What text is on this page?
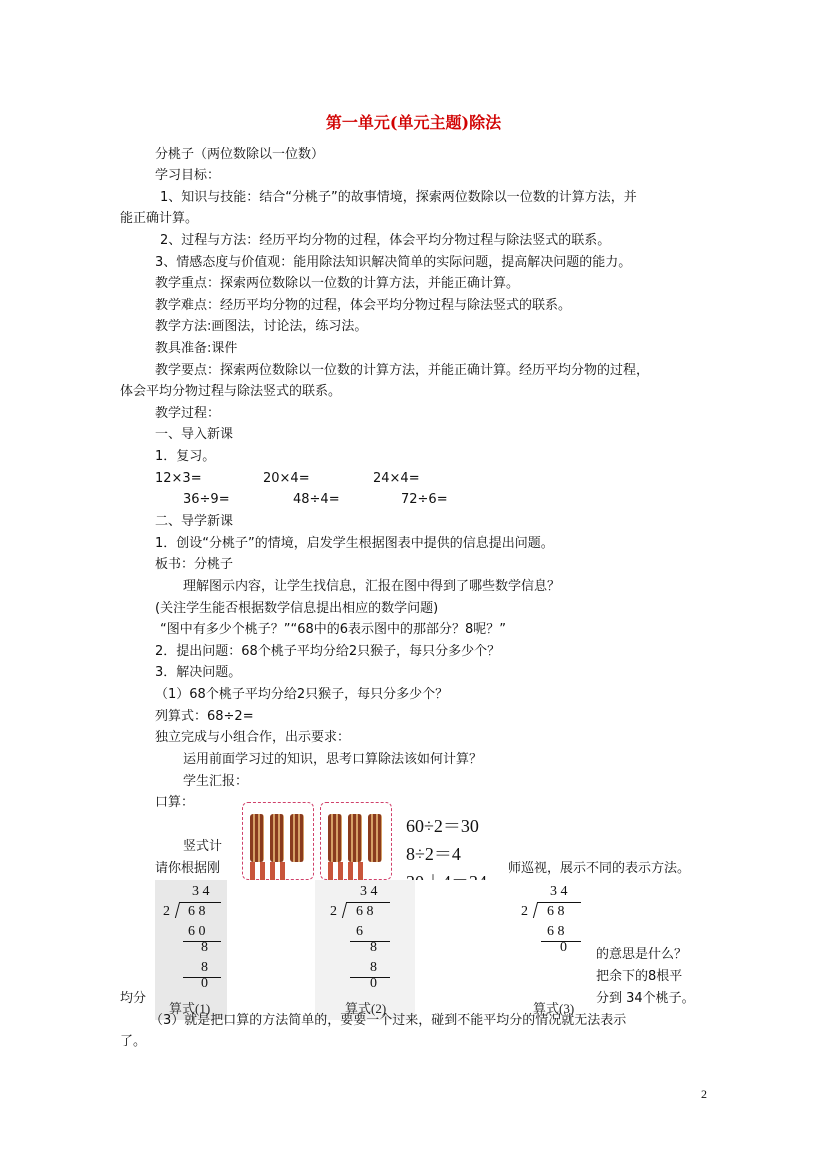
第一单元(单元主题)除法
分桃子（两位数除以一位数）
学习目标：
1、知识与技能：结合“分桃子”的故事情境，探索两位数除以一位数的计算方法，并
能正确计算。
2、过程与方法：经历平均分物的过程，体会平均分物过程与除法竖式的联系。
3、情感态度与价值观：能用除法知识解决简单的实际问题，提高解决问题的能力。
教学重点：探索两位数除以一位数的计算方法，并能正确计算。
教学难点：经历平均分物的过程，体会平均分物过程与除法竖式的联系。
教学方法:画图法，讨论法，练习法。
教具准备:课件
教学要点：探索两位数除以一位数的计算方法，并能正确计算。经历平均分物的过程，
体会平均分物过程与除法竖式的联系。
教学过程：
一、导入新课
1．复习。
12×3=	20×4=	24×4=
36÷9=	48÷4=	72÷6=
二、导学新课
1．创设“分桃子”的情境，启发学生根据图表中提供的信息提出问题。
板书：分桃子
理解图示内容，让学生找信息，汇报在图中得到了哪些数学信息？
(关注学生能否根据数学信息提出相应的数学问题)
“图中有多少个桃子？”“68中的6表示图中的那部分？8呢？”
2．提出问题：68个桃子平均分给2只猴子，每只分多少个？
3．解决问题。
（1）68个桃子平均分给2只猴子，每只分多少个？
列算式：68÷2=
独立完成与小组合作，出示要求：
运用前面学习过的知识，思考口算除法该如何计算？
学生汇报：
口算：
60÷2＝30
8÷2＝4
竖式计
请你根据刚	师巡视，展示不同的表示方法。
3 4
2 6 8
6 0
8
8
0
算式(1)
3 4
2 6 8
6
8
8
0
算式(2)
3 4
2 6 8
6 8
0
算式(3)
的意思是什么？
把余下的8根平
均分	分到 34个桃子。
（3）就是把口算的方法简单的，要要一个过来，碰到不能平均分的情况就无法表示
了。
2
